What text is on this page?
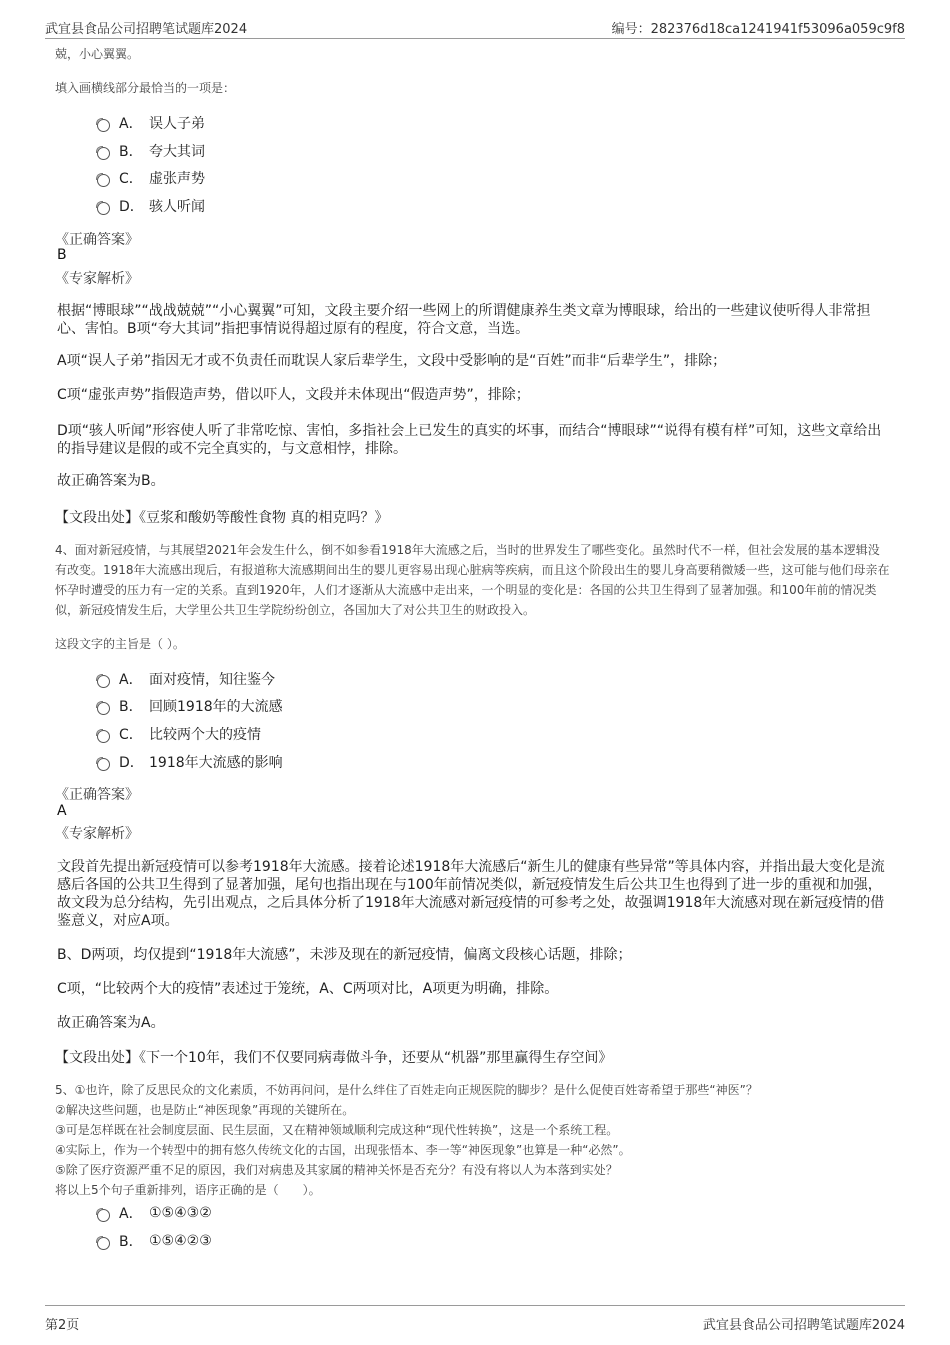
武宜县食品公司招聘笔试题库2024	编号：282376d18ca1241941f53096a059c9f8
兢，小心翼翼。
填入画横线部分最恰当的一项是：
A． 误人子弟
B． 夸大其词
C． 虚张声势
D． 骇人听闻
《正确答案》
B
《专家解析》
根据“博眼球”“战战兢兢”“小心翼翼”可知，文段主要介绍一些网上的所谓健康养生类文章为博眼球，给出的一些建议使听得人非常担心、害怕。B项“夸大其词”指把事情说得超过原有的程度，符合文意，当选。
A项“误人子弟”指因无才或不负责任而耽误人家后辈学生，文段中受影响的是“百姓”而非“后辈学生”，排除；
C项“虚张声势”指假造声势，借以吓人，文段并未体现出“假造声势”，排除；
D项“骇人听闻”形容使人听了非常吃惊、害怕，多指社会上已发生的真实的坏事，而结合“博眼球”“说得有模有样”可知，这些文章给出的指导建议是假的或不完全真实的，与文意相悖，排除。
故正确答案为B。
【文段出处】《豆浆和酸奶等酸性食物 真的相克吗？》
4、面对新冠疫情，与其展望2021年会发生什么，倒不如参看1918年大流感之后，当时的世界发生了哪些变化。虽然时代不一样，但社会发展的基本逻辑没有改变。1918年大流感出现后，有报道称大流感期间出生的婴儿更容易出现心脏病等疾病，而且这个阶段出生的婴儿身高要稍微矮一些，这可能与他们母亲在怀孕时遭受的压力有一定的关系。直到1920年，人们才逐渐从大流感中走出来，一个明显的变化是：各国的公共卫生得到了显著加强。和100年前的情况类似，新冠疫情发生后，大学里公共卫生学院纷纷创立，各国加大了对公共卫生的财政投入。
这段文字的主旨是（ ）。
A． 面对疫情，知往鉴今
B． 回顾1918年的大流感
C． 比较两个大的疫情
D． 1918年大流感的影响
《正确答案》
A
《专家解析》
文段首先提出新冠疫情可以参考1918年大流感。接着论述1918年大流感后“新生儿的健康有些异常”等具体内容，并指出最大变化是流感后各国的公共卫生得到了显著加强，尾句也指出现在与100年前情况类似，新冠疫情发生后公共卫生也得到了进一步的重视和加强，故文段为总分结构，先引出观点，之后具体分析了1918年大流感对新冠疫情的可参考之处，故强调1918年大流感对现在新冠疫情的借鉴意义，对应A项。
B、D两项，均仅提到“1918年大流感”，未涉及现在的新冠疫情，偏离文段核心话题，排除；
C项，“比较两个大的疫情”表述过于笼统，A、C两项对比，A项更为明确，排除。
故正确答案为A。
【文段出处】《下一个10年，我们不仅要同病毒做斗争，还要从“机器”那里赢得生存空间》
5、①也许，除了反思民众的文化素质，不妨再问问，是什么绊住了百姓走向正规医院的脚步？是什么促使百姓寄希望于那些“神医”？
②解决这些问题，也是防止“神医现象”再现的关键所在。
③可是怎样既在社会制度层面、民生层面，又在精神领域顺利完成这种“现代性转换”，这是一个系统工程。
④实际上，作为一个转型中的拥有悠久传统文化的古国，出现张悟本、李一等“神医现象”也算是一种“必然”。
⑤除了医疗资源严重不足的原因，我们对病患及其家属的精神关怀是否充分？有没有将以人为本落到实处？
将以上5个句子重新排列，语序正确的是（　　）。
A． ①⑤④③②
B． ①⑤④②③
第2页	武宜县食品公司招聘笔试题库2024
